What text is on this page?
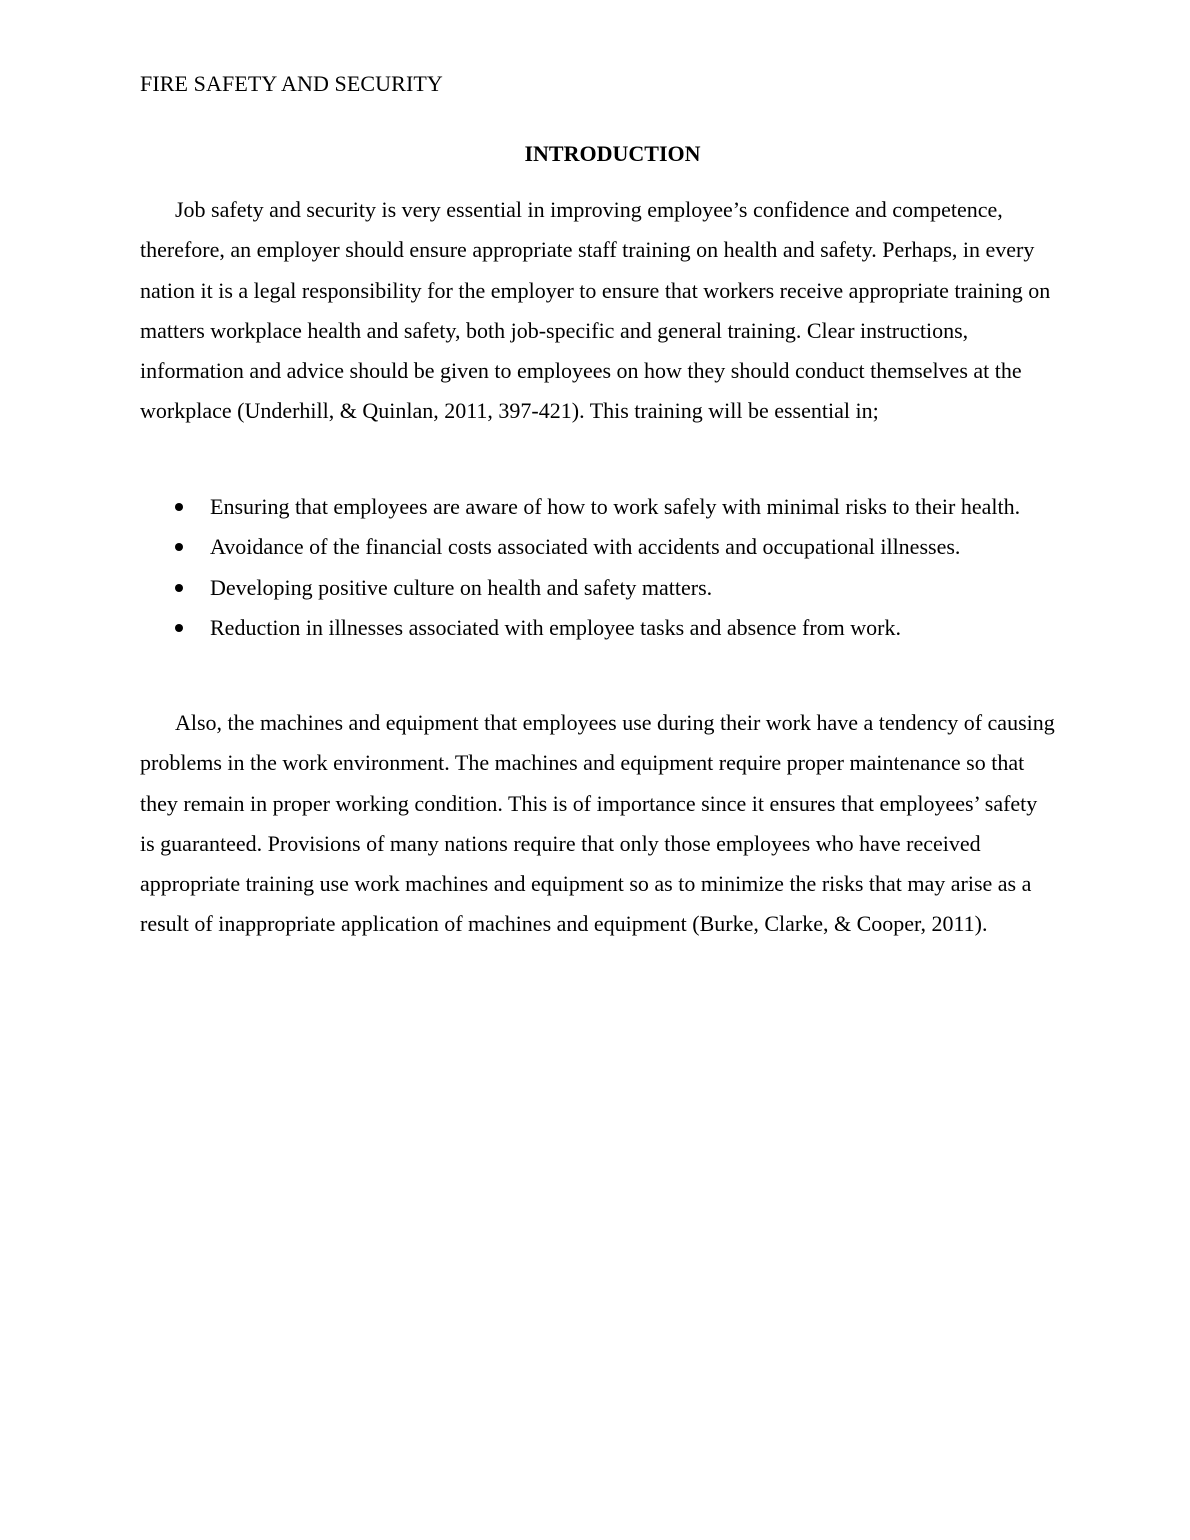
FIRE SAFETY AND SECURITY
INTRODUCTION

Job safety and security is very essential in improving employee’s confidence and competence, therefore, an employer should ensure appropriate staff training on health and safety. Perhaps, in every nation it is a legal responsibility for the employer to ensure that workers receive appropriate training on matters workplace health and safety, both job-specific and general training. Clear instructions, information and advice should be given to employees on how they should conduct themselves at the workplace (Underhill, & Quinlan, 2011, 397-421). This training will be essential in;

Ensuring that employees are aware of how to work safely with minimal risks to their health.
Avoidance of the financial costs associated with accidents and occupational illnesses.
Developing positive culture on health and safety matters.
Reduction in illnesses associated with employee tasks and absence from work.

Also, the machines and equipment that employees use during their work have a tendency of causing problems in the work environment. The machines and equipment require proper maintenance so that they remain in proper working condition. This is of importance since it ensures that employees’ safety is guaranteed. Provisions of many nations require that only those employees who have received appropriate training use work machines and equipment so as to minimize the risks that may arise as a result of inappropriate application of machines and equipment (Burke, Clarke, & Cooper, 2011).
